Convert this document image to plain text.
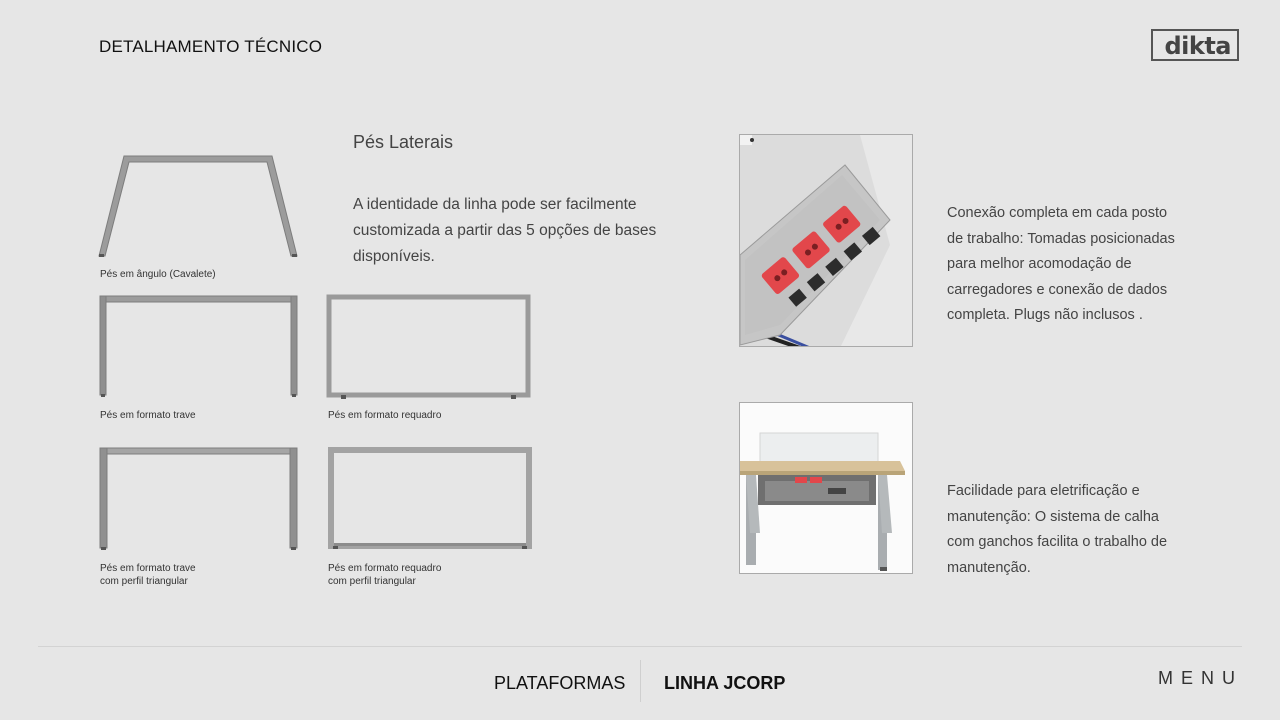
DETALHAMENTO TÉCNICO	dikta
Pés Laterais
A identidade da linha pode ser facilmente customizada a partir das 5 opções de bases disponíveis.
Pés em ângulo (Cavalete)
Pés em formato trave	Pés em formato requadro
Pés em formato trave
com perfil triangular
Pés em formato requadro
com perfil triangular
Conexão completa em cada posto de trabalho: Tomadas posicionadas para melhor acomodação de carregadores e conexão de dados completa. Plugs não inclusos .
Facilidade para eletrificação e manutenção: O sistema de calha com ganchos facilita o trabalho de manutenção.
PLATAFORMAS LINHA JCORP	MENU
